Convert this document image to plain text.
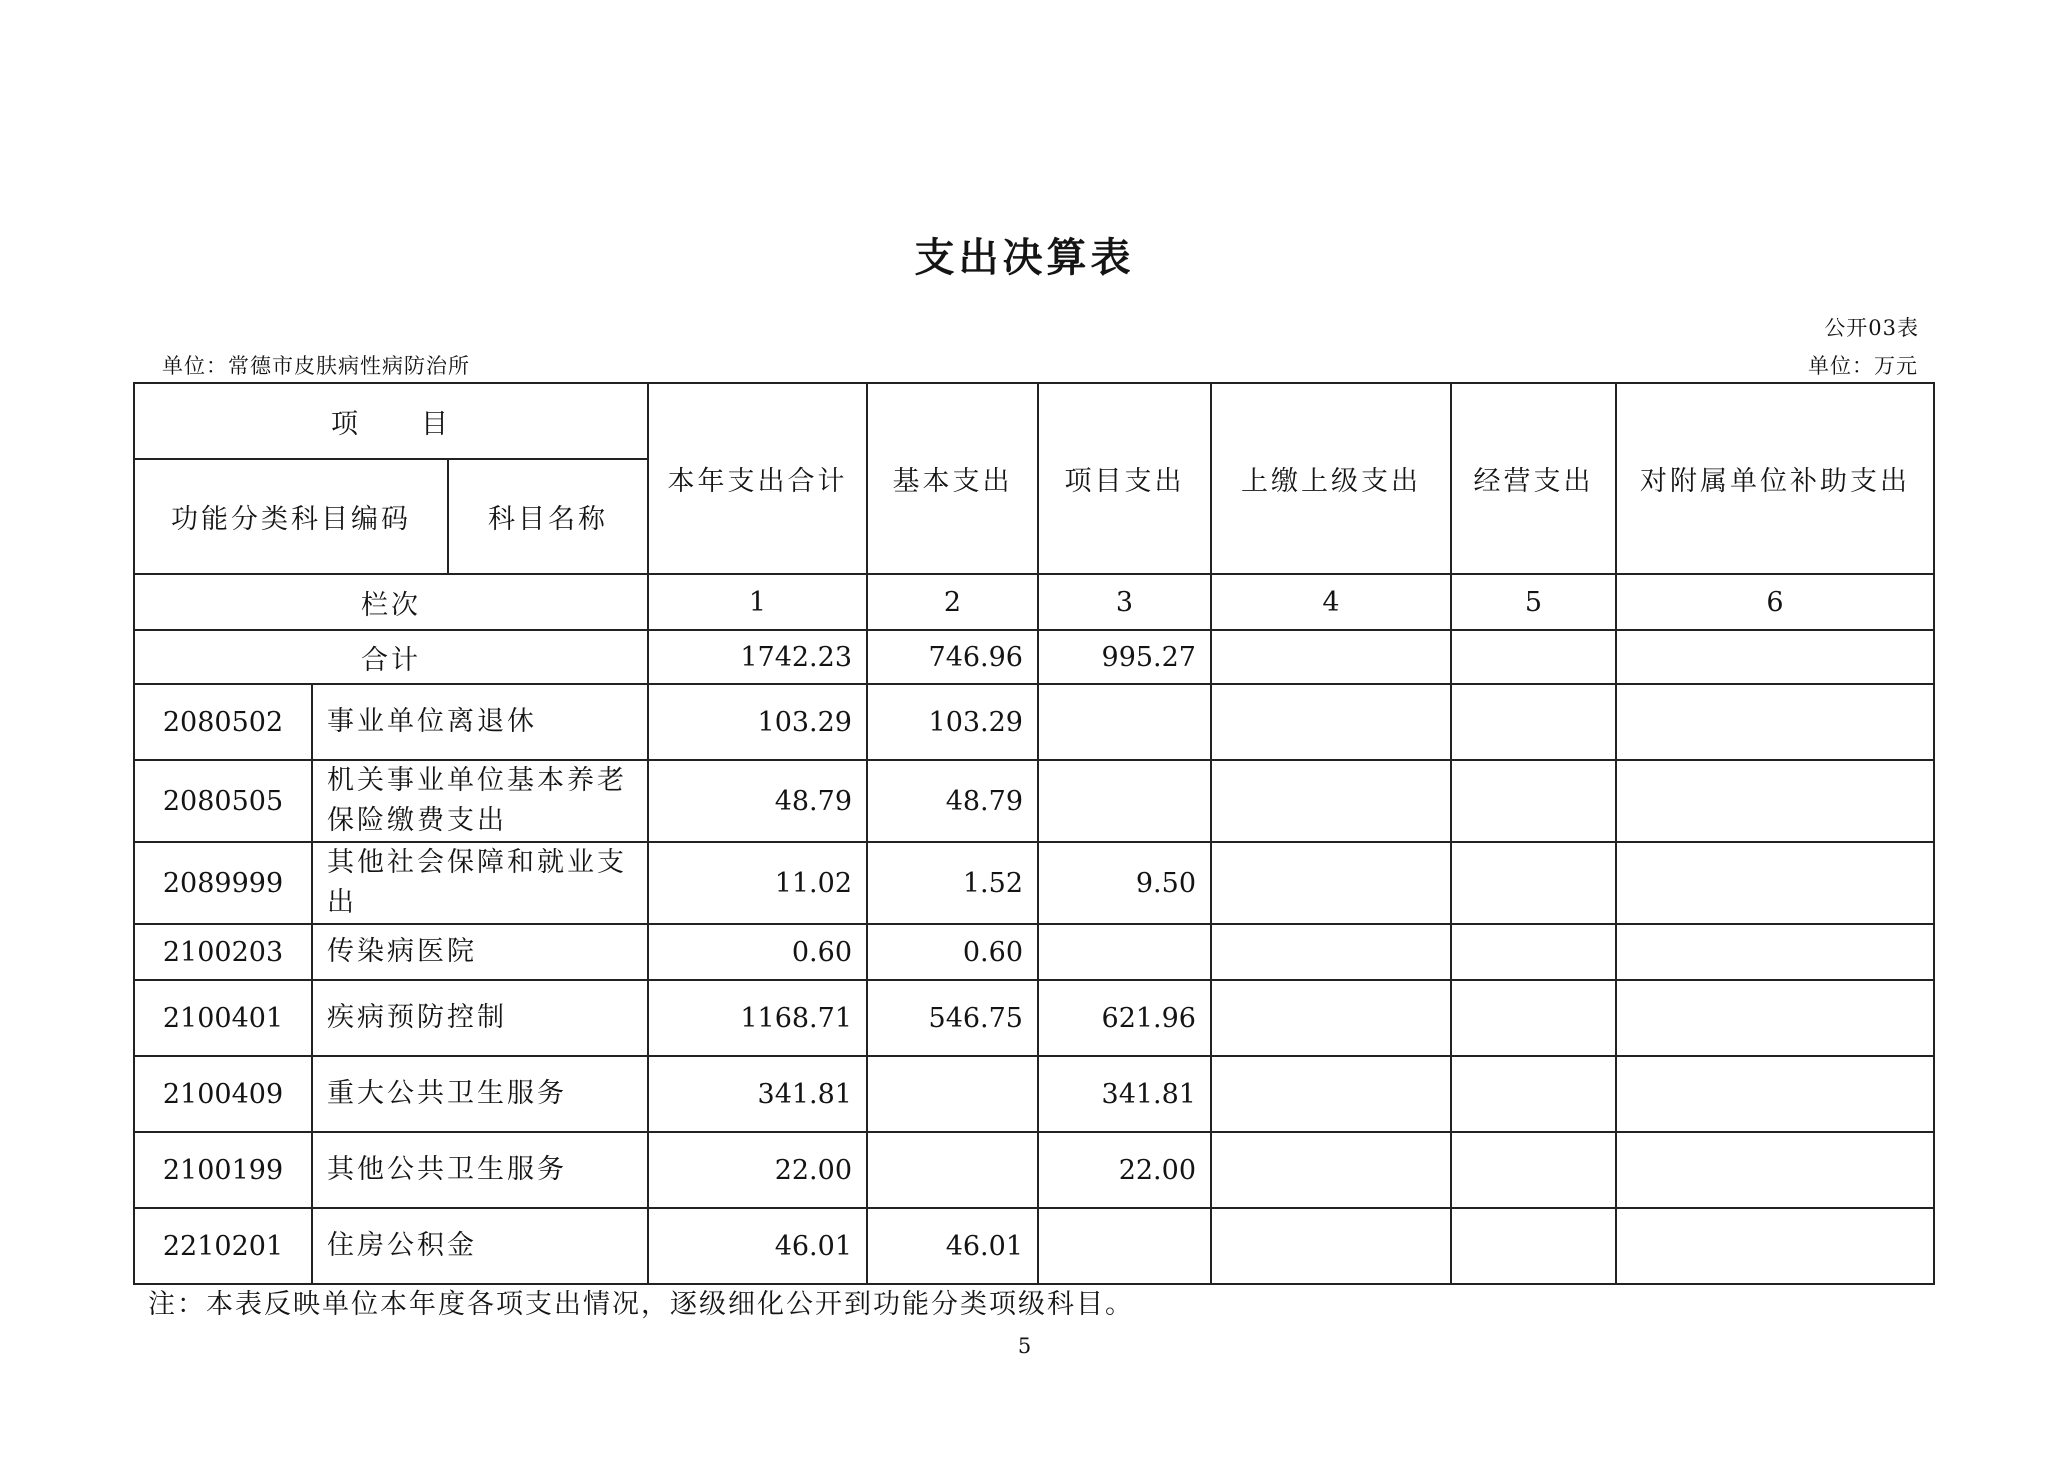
支出决算表
公开03表
单位：常德市皮肤病性病防治所	单位：万元
项　　目		本年支出合计	基本支出	项目支出	上缴上级支出	经营支出	对附属单位补助支出

功能分类科目编码 科目名称							

栏次		1	2	3	4	5	6
合计		1742.23	746.96	995.27			
2080502	事业单位离退休	103.29	103.29				
2080505	机关事业单位基本养老保险缴费支出	48.79	48.79				
2089999	其他社会保障和就业支出	11.02	1.52	9.50			
2100203	传染病医院	0.60	0.60				
2100401	疾病预防控制	1168.71	546.75	621.96			
2100409	重大公共卫生服务	341.81		341.81			
2100199	其他公共卫生服务	22.00		22.00			
2210201	住房公积金	46.01	46.01				
注：本表反映单位本年度各项支出情况，逐级细化公开到功能分类项级科目。
5
